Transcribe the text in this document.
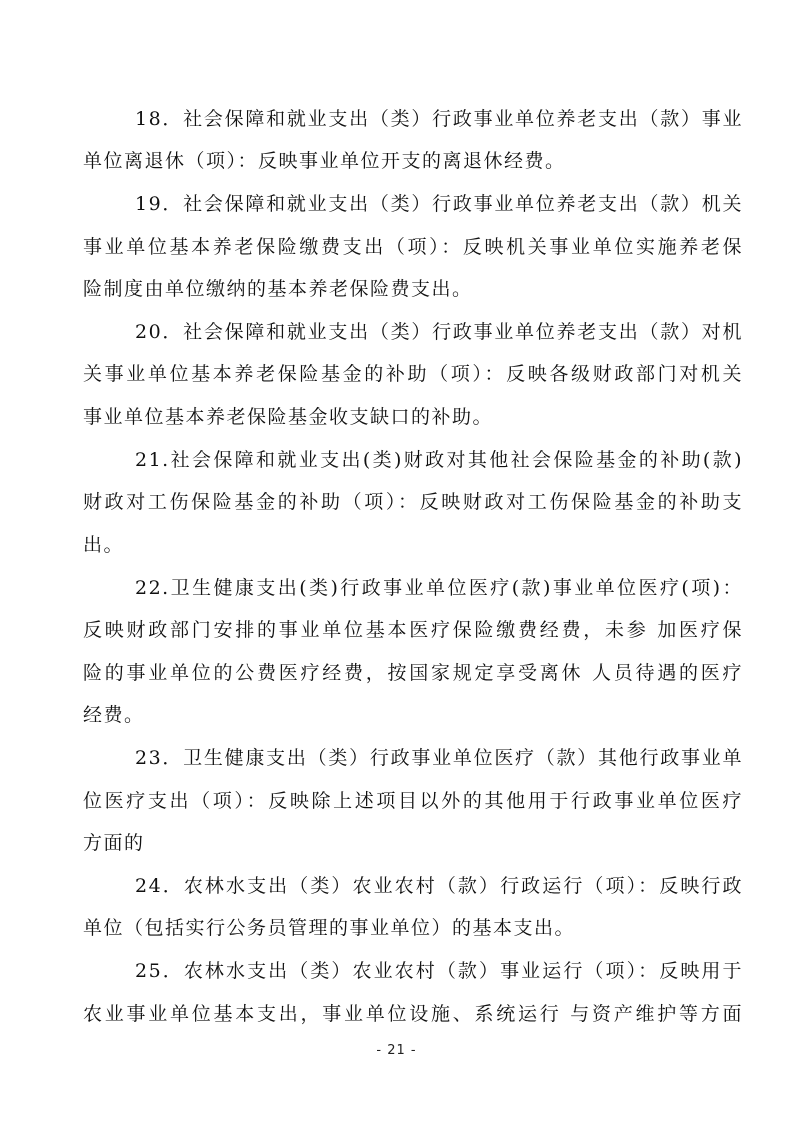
18．社会保障和就业支出（类）行政事业单位养老支出（款）事业
单位离退休（项）：反映事业单位开支的离退休经费。
19．社会保障和就业支出（类）行政事业单位养老支出（款）机关
事业单位基本养老保险缴费支出（项）：反映机关事业单位实施养老保
险制度由单位缴纳的基本养老保险费支出。
20．社会保障和就业支出（类）行政事业单位养老支出（款）对机
关事业单位基本养老保险基金的补助（项）：反映各级财政部门对机关
事业单位基本养老保险基金收支缺口的补助。
21.社会保障和就业支出(类)财政对其他社会保险基金的补助(款)
财政对工伤保险基金的补助（项）：反映财政对工伤保险基金的补助支
出。
22.卫生健康支出(类)行政事业单位医疗(款)事业单位医疗(项)：
反映财政部门安排的事业单位基本医疗保险缴费经费，未参 加医疗保
险的事业单位的公费医疗经费，按国家规定享受离休 人员待遇的医疗
经费。
23．卫生健康支出（类）行政事业单位医疗（款）其他行政事业单
位医疗支出（项）：反映除上述项目以外的其他用于行政事业单位医疗
方面的
24．农林水支出（类）农业农村（款）行政运行（项）：反映行政
单位（包括实行公务员管理的事业单位）的基本支出。
25．农林水支出（类）农业农村（款）事业运行（项）：反映用于
农业事业单位基本支出，事业单位设施、系统运行 与资产维护等方面
- 21 -
